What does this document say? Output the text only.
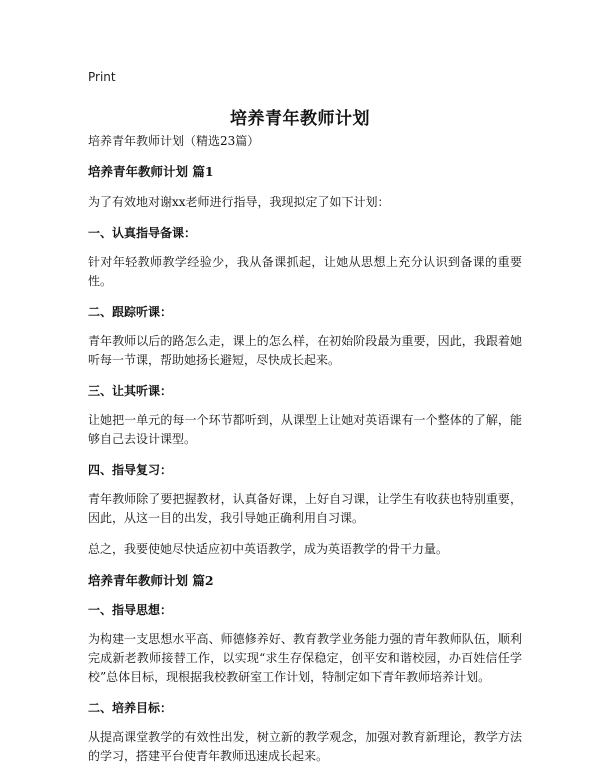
Print
培养青年教师计划

培养青年教师计划（精选23篇）

培养青年教师计划 篇1

为了有效地对谢xx老师进行指导，我现拟定了如下计划：

一、认真指导备课：

针对年轻教师教学经验少，我从备课抓起，让她从思想上充分认识到备课的重要性。

二、跟踪听课：

青年教师以后的路怎么走，课上的怎么样，在初始阶段最为重要，因此，我跟着她听每一节课，帮助她扬长避短，尽快成长起来。

三、让其听课：

让她把一单元的每一个环节都听到，从课型上让她对英语课有一个整体的了解，能够自己去设计课型。

四、指导复习：

青年教师除了要把握教材，认真备好课，上好自习课，让学生有收获也特别重要，因此，从这一目的出发，我引导她正确利用自习课。

总之，我要使她尽快适应初中英语教学，成为英语教学的骨干力量。

培养青年教师计划 篇2

一、指导思想：

为构建一支思想水平高、师德修养好、教育教学业务能力强的青年教师队伍，顺利完成新老教师接替工作，以实现“求生存保稳定，创平安和谐校园，办百姓信任学校”总体目标，现根据我校教研室工作计划，特制定如下青年教师培养计划。

二、培养目标：

从提高课堂教学的有效性出发，树立新的教学观念，加强对教育新理论，教学方法的学习，搭建平台使青年教师迅速成长起来。
